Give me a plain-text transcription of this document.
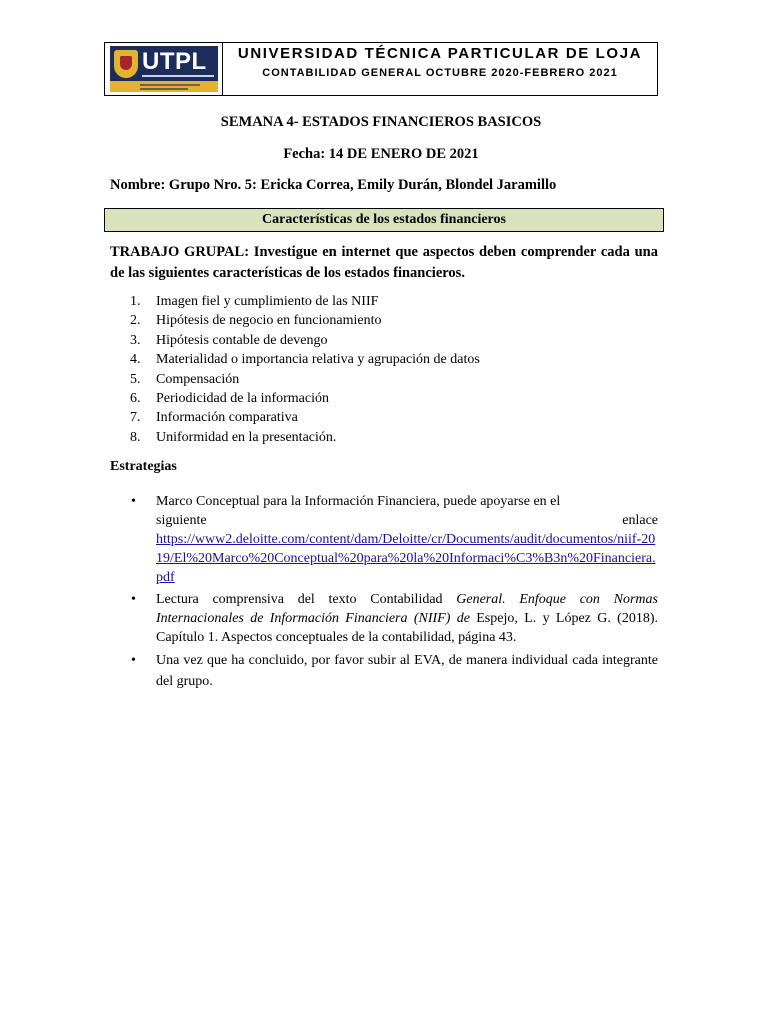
UTPL	UNIVERSIDAD TÉCNICA PARTICULAR DE LOJA
CONTABILIDAD GENERAL OCTUBRE 2020-FEBRERO 2021
SEMANA 4- ESTADOS FINANCIEROS BASICOS
Fecha: 14 DE ENERO DE 2021
Nombre: Grupo Nro. 5: Ericka Correa, Emily Durán, Blondel Jaramillo
Características de los estados financieros
TRABAJO GRUPAL: Investigue en internet que aspectos deben comprender cada una de las siguientes características de los estados financieros.
1. Imagen fiel y cumplimiento de las NIIF
2. Hipótesis de negocio en funcionamiento
3. Hipótesis contable de devengo
4. Materialidad o importancia relativa y agrupación de datos
5. Compensación
6. Periodicidad de la información
7. Información comparativa
8. Uniformidad en la presentación.
Estrategias
• Marco Conceptual para la Información Financiera, puede apoyarse en el
siguiente	enlace
https://www2.deloitte.com/content/dam/Deloitte/cr/Documents/audit/documentos/niif-2019/El%20Marco%20Conceptual%20para%20la%20Informaci%C3%B3n%20Financiera.pdf
• Lectura comprensiva del texto Contabilidad General. Enfoque con Normas Internacionales de Información Financiera (NIIF) de Espejo, L. y López G. (2018). Capítulo 1. Aspectos conceptuales de la contabilidad, página 43.
• Una vez que ha concluido, por favor subir al EVA, de manera individual cada integrante del grupo.
